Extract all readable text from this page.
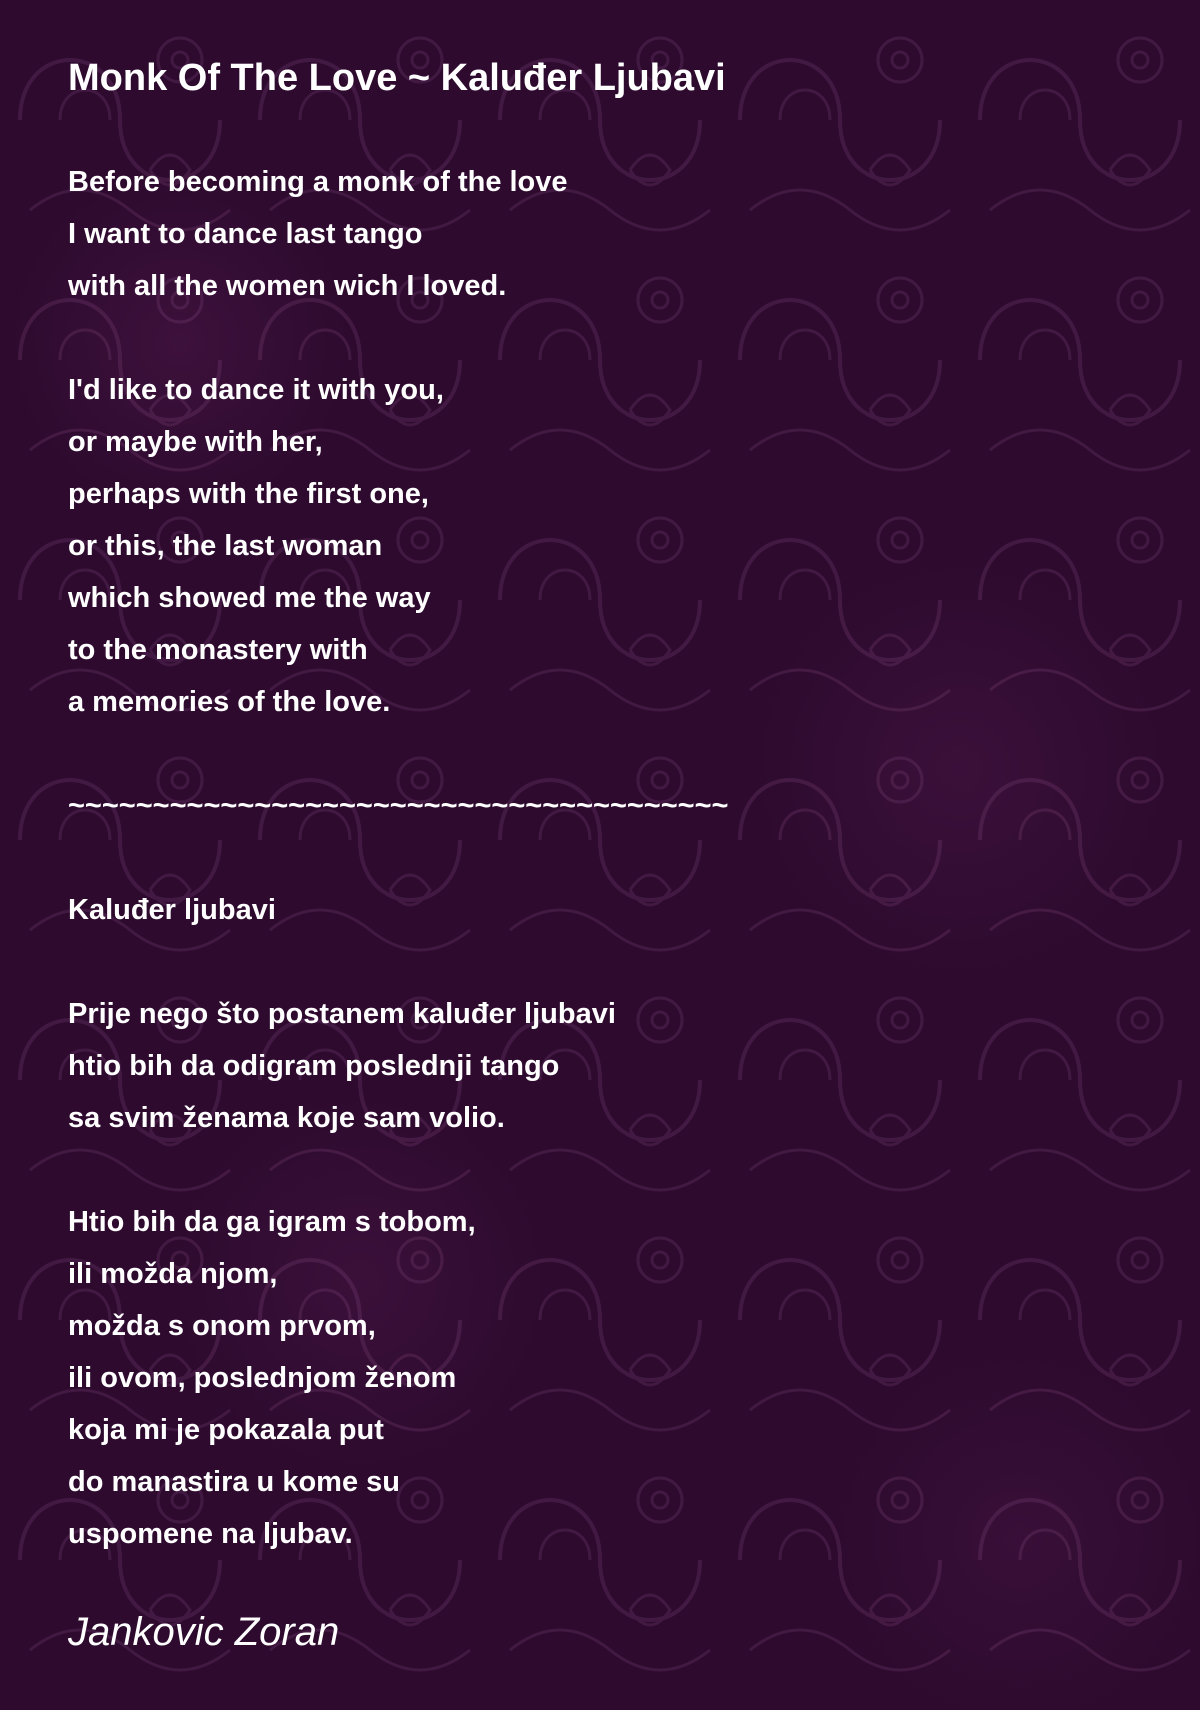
Monk Of The Love ~ Kaluđer Ljubavi
Before becoming a monk of the love
I want to dance last tango
with all the women wich I loved.
I'd like to dance it with you,
or maybe with her,
perhaps with the first one,
or this, the last woman
which showed me the way
to the monastery with
a memories of the love.
~~~~~~~~~~~~~~~~~~~~~~~~~~~~~~~~~~~~~~~
Kaluđer ljubavi
Prije nego što postanem kaluđer ljubavi
htio bih da odigram poslednji tango
sa svim ženama koje sam volio.
Htio bih da ga igram s tobom,
ili možda njom,
možda s onom prvom,
ili ovom, poslednjom ženom
koja mi je pokazala put
do manastira u kome su
uspomene na ljubav.
Jankovic Zoran
